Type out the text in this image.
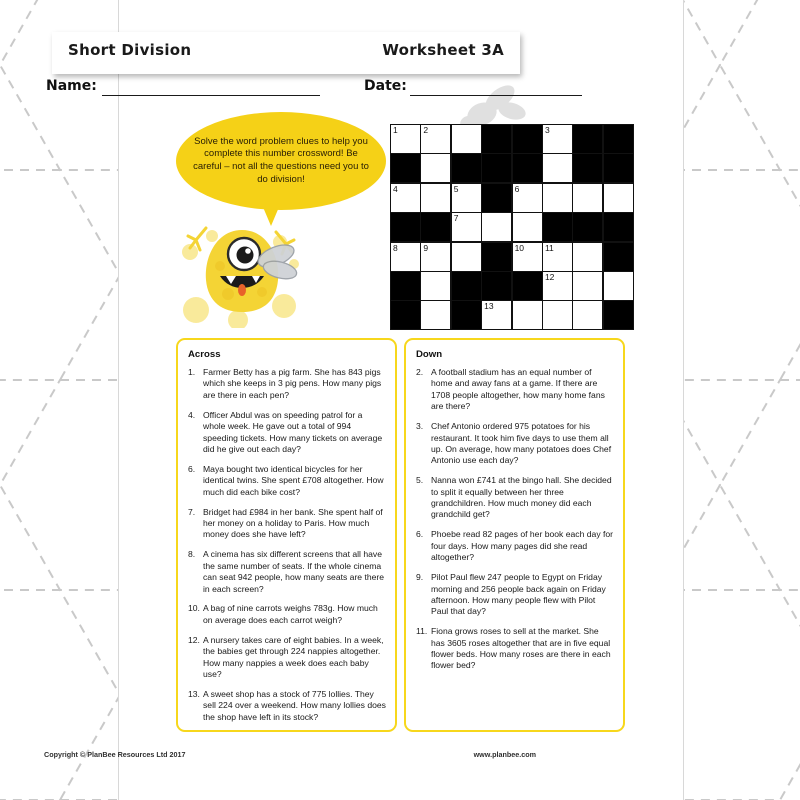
Short Division	Worksheet 3A
Name:	Date:
Solve the word problem clues to help you complete this number crossword! Be careful – not all the questions need you to do division!
1	2	3
4	5	6
7
8	9	10 11
12
13
Across
1. Farmer Betty has a pig farm. She has 843 pigs which she keeps in 3 pig pens. How many pigs are there in each pen?
4. Officer Abdul was on speeding patrol for a whole week. He gave out a total of 994 speeding tickets. How many tickets on average did he give out each day?
6. Maya bought two identical bicycles for her identical twins. She spent £708 altogether. How much did each bike cost?
7. Bridget had £984 in her bank. She spent half of her money on a holiday to Paris. How much money does she have left?
8. A cinema has six different screens that all have the same number of seats. If the whole cinema can seat 942 people, how many seats are there in each screen?
10. A bag of nine carrots weighs 783g. How much on average does each carrot weigh?
12. A nursery takes care of eight babies. In a week, the babies get through 224 nappies altogether. How many nappies a week does each baby use?
13. A sweet shop has a stock of 775 lollies. They sell 224 over a weekend. How many lollies does the shop have left in its stock?
Down
2. A football stadium has an equal number of home and away fans at a game. If there are 1708 people altogether, how many home fans are there?
3. Chef Antonio ordered 975 potatoes for his restaurant. It took him five days to use them all up. On average, how many potatoes does Chef Antonio use each day?
5. Nanna won £741 at the bingo hall. She decided to split it equally between her three grandchildren. How much money did each grandchild get?
6. Phoebe read 82 pages of her book each day for four days. How many pages did she read altogether?
9. Pilot Paul flew 247 people to Egypt on Friday morning and 256 people back again on Friday afternoon. How many people flew with Pilot Paul that day?
11. Fiona grows roses to sell at the market. She has 3605 roses altogether that are in five equal flower beds. How many roses are there in each flower bed?
Copyright © PlanBee Resources Ltd 2017	www.planbee.com
